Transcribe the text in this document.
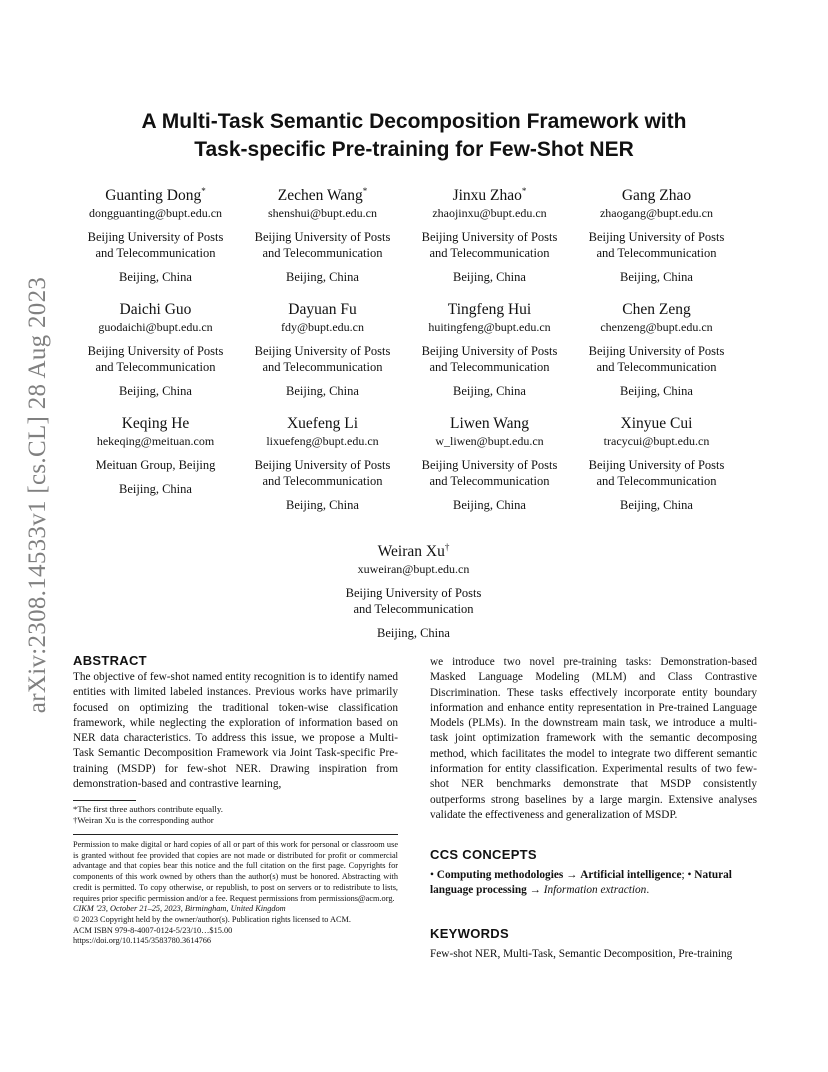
arXiv:2308.14533v1 [cs.CL] 28 Aug 2023
A Multi-Task Semantic Decomposition Framework with
Task-specific Pre-training for Few-Shot NER
Guanting Dong*
dongguanting@bupt.edu.cn
Beijing University of Posts
and Telecommunication
Beijing, China
Zechen Wang*
shenshui@bupt.edu.cn
Beijing University of Posts
and Telecommunication
Beijing, China
Jinxu Zhao*
zhaojinxu@bupt.edu.cn
Beijing University of Posts
and Telecommunication
Beijing, China
Gang Zhao
zhaogang@bupt.edu.cn
Beijing University of Posts
and Telecommunication
Beijing, China
Daichi Guo
guodaichi@bupt.edu.cn
Beijing University of Posts
and Telecommunication
Beijing, China
Dayuan Fu
fdy@bupt.edu.cn
Beijing University of Posts
and Telecommunication
Beijing, China
Tingfeng Hui
huitingfeng@bupt.edu.cn
Beijing University of Posts
and Telecommunication
Beijing, China
Chen Zeng
chenzeng@bupt.edu.cn
Beijing University of Posts
and Telecommunication
Beijing, China
Keqing He
hekeqing@meituan.com
Meituan Group, Beijing
Beijing, China
Xuefeng Li
lixuefeng@bupt.edu.cn
Beijing University of Posts
and Telecommunication
Beijing, China
Liwen Wang
w_liwen@bupt.edu.cn
Beijing University of Posts
and Telecommunication
Beijing, China
Xinyue Cui
tracycui@bupt.edu.cn
Beijing University of Posts
and Telecommunication
Beijing, China
Weiran Xu†
xuweiran@bupt.edu.cn
Beijing University of Posts
and Telecommunication
Beijing, China
ABSTRACT

The objective of few-shot named entity recognition is to identify named entities with limited labeled instances. Previous works have primarily focused on optimizing the traditional token-wise classification framework, while neglecting the exploration of information based on NER data characteristics. To address this issue, we propose a Multi-Task Semantic Decomposition Framework via Joint Task-specific Pre-training (MSDP) for few-shot NER. Drawing inspiration from demonstration-based and contrastive learning,

we introduce two novel pre-training tasks: Demonstration-based Masked Language Modeling (MLM) and Class Contrastive Discrimination. These tasks effectively incorporate entity boundary information and enhance entity representation in Pre-trained Language Models (PLMs). In the downstream main task, we introduce a multi-task joint optimization framework with the semantic decomposing method, which facilitates the model to integrate two different semantic information for entity classification. Experimental results of two few-shot NER benchmarks demonstrate that MSDP consistently outperforms strong baselines by a large margin. Extensive analyses validate the effectiveness and generalization of MSDP.

*The first three authors contribute equally.
†Weiran Xu is the corresponding author
Permission to make digital or hard copies of all or part of this work for personal or classroom use is granted without fee provided that copies are not made or distributed for profit or commercial advantage and that copies bear this notice and the full citation on the first page. Copyrights for components of this work owned by others than the author(s) must be honored. Abstracting with credit is permitted. To copy otherwise, or republish, to post on servers or to redistribute to lists, requires prior specific permission and/or a fee. Request permissions from permissions@acm.org.
CIKM '23, October 21–25, 2023, Birmingham, United Kingdom
© 2023 Copyright held by the owner/author(s). Publication rights licensed to ACM.
ACM ISBN 979-8-4007-0124-5/23/10…$15.00
https://doi.org/10.1145/3583780.3614766
CCS CONCEPTS

• Computing methodologies → Artificial intelligence; • Natural language processing → Information extraction.

KEYWORDS

Few-shot NER, Multi-Task, Semantic Decomposition, Pre-training
